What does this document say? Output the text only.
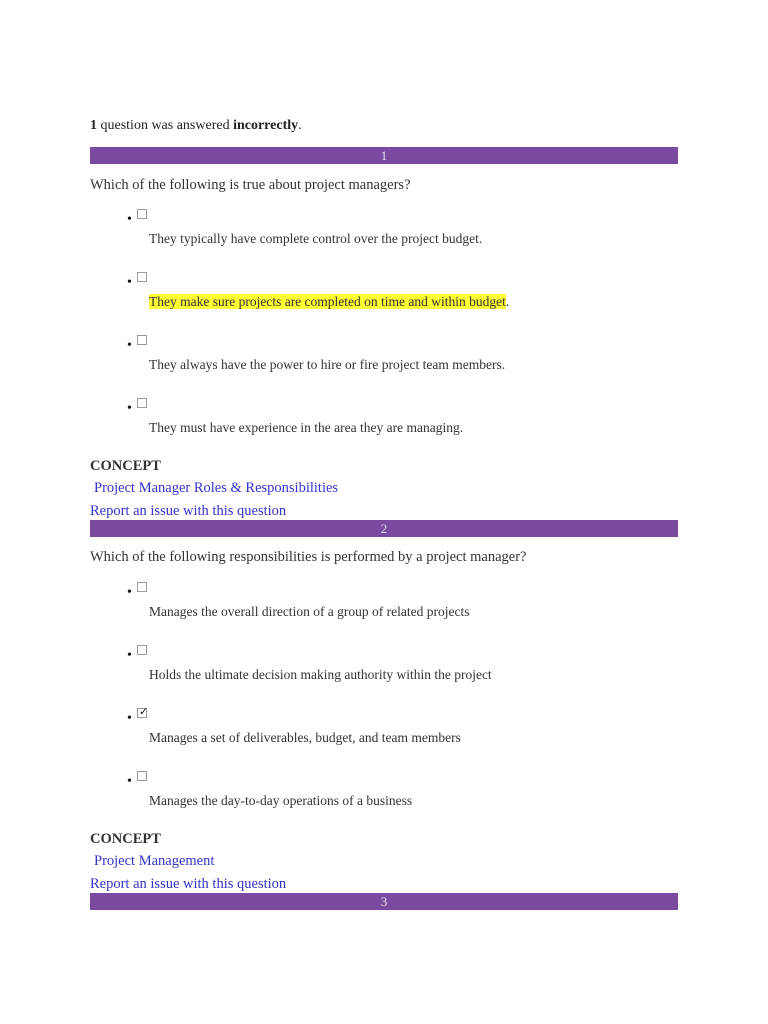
1 question was answered incorrectly.
1
Which of the following is true about project managers?
•
They typically have complete control over the project budget.
•
They make sure projects are completed on time and within budget.
•
They always have the power to hire or fire project team members.
•
They must have experience in the area they are managing.
CONCEPT
Project Manager Roles & Responsibilities
Report an issue with this question
2
Which of the following responsibilities is performed by a project manager?
•
Manages the overall direction of a group of related projects
•
Holds the ultimate decision making authority within the project
• ✓
Manages a set of deliverables, budget, and team members
•
Manages the day-to-day operations of a business
CONCEPT
Project Management
Report an issue with this question
3
